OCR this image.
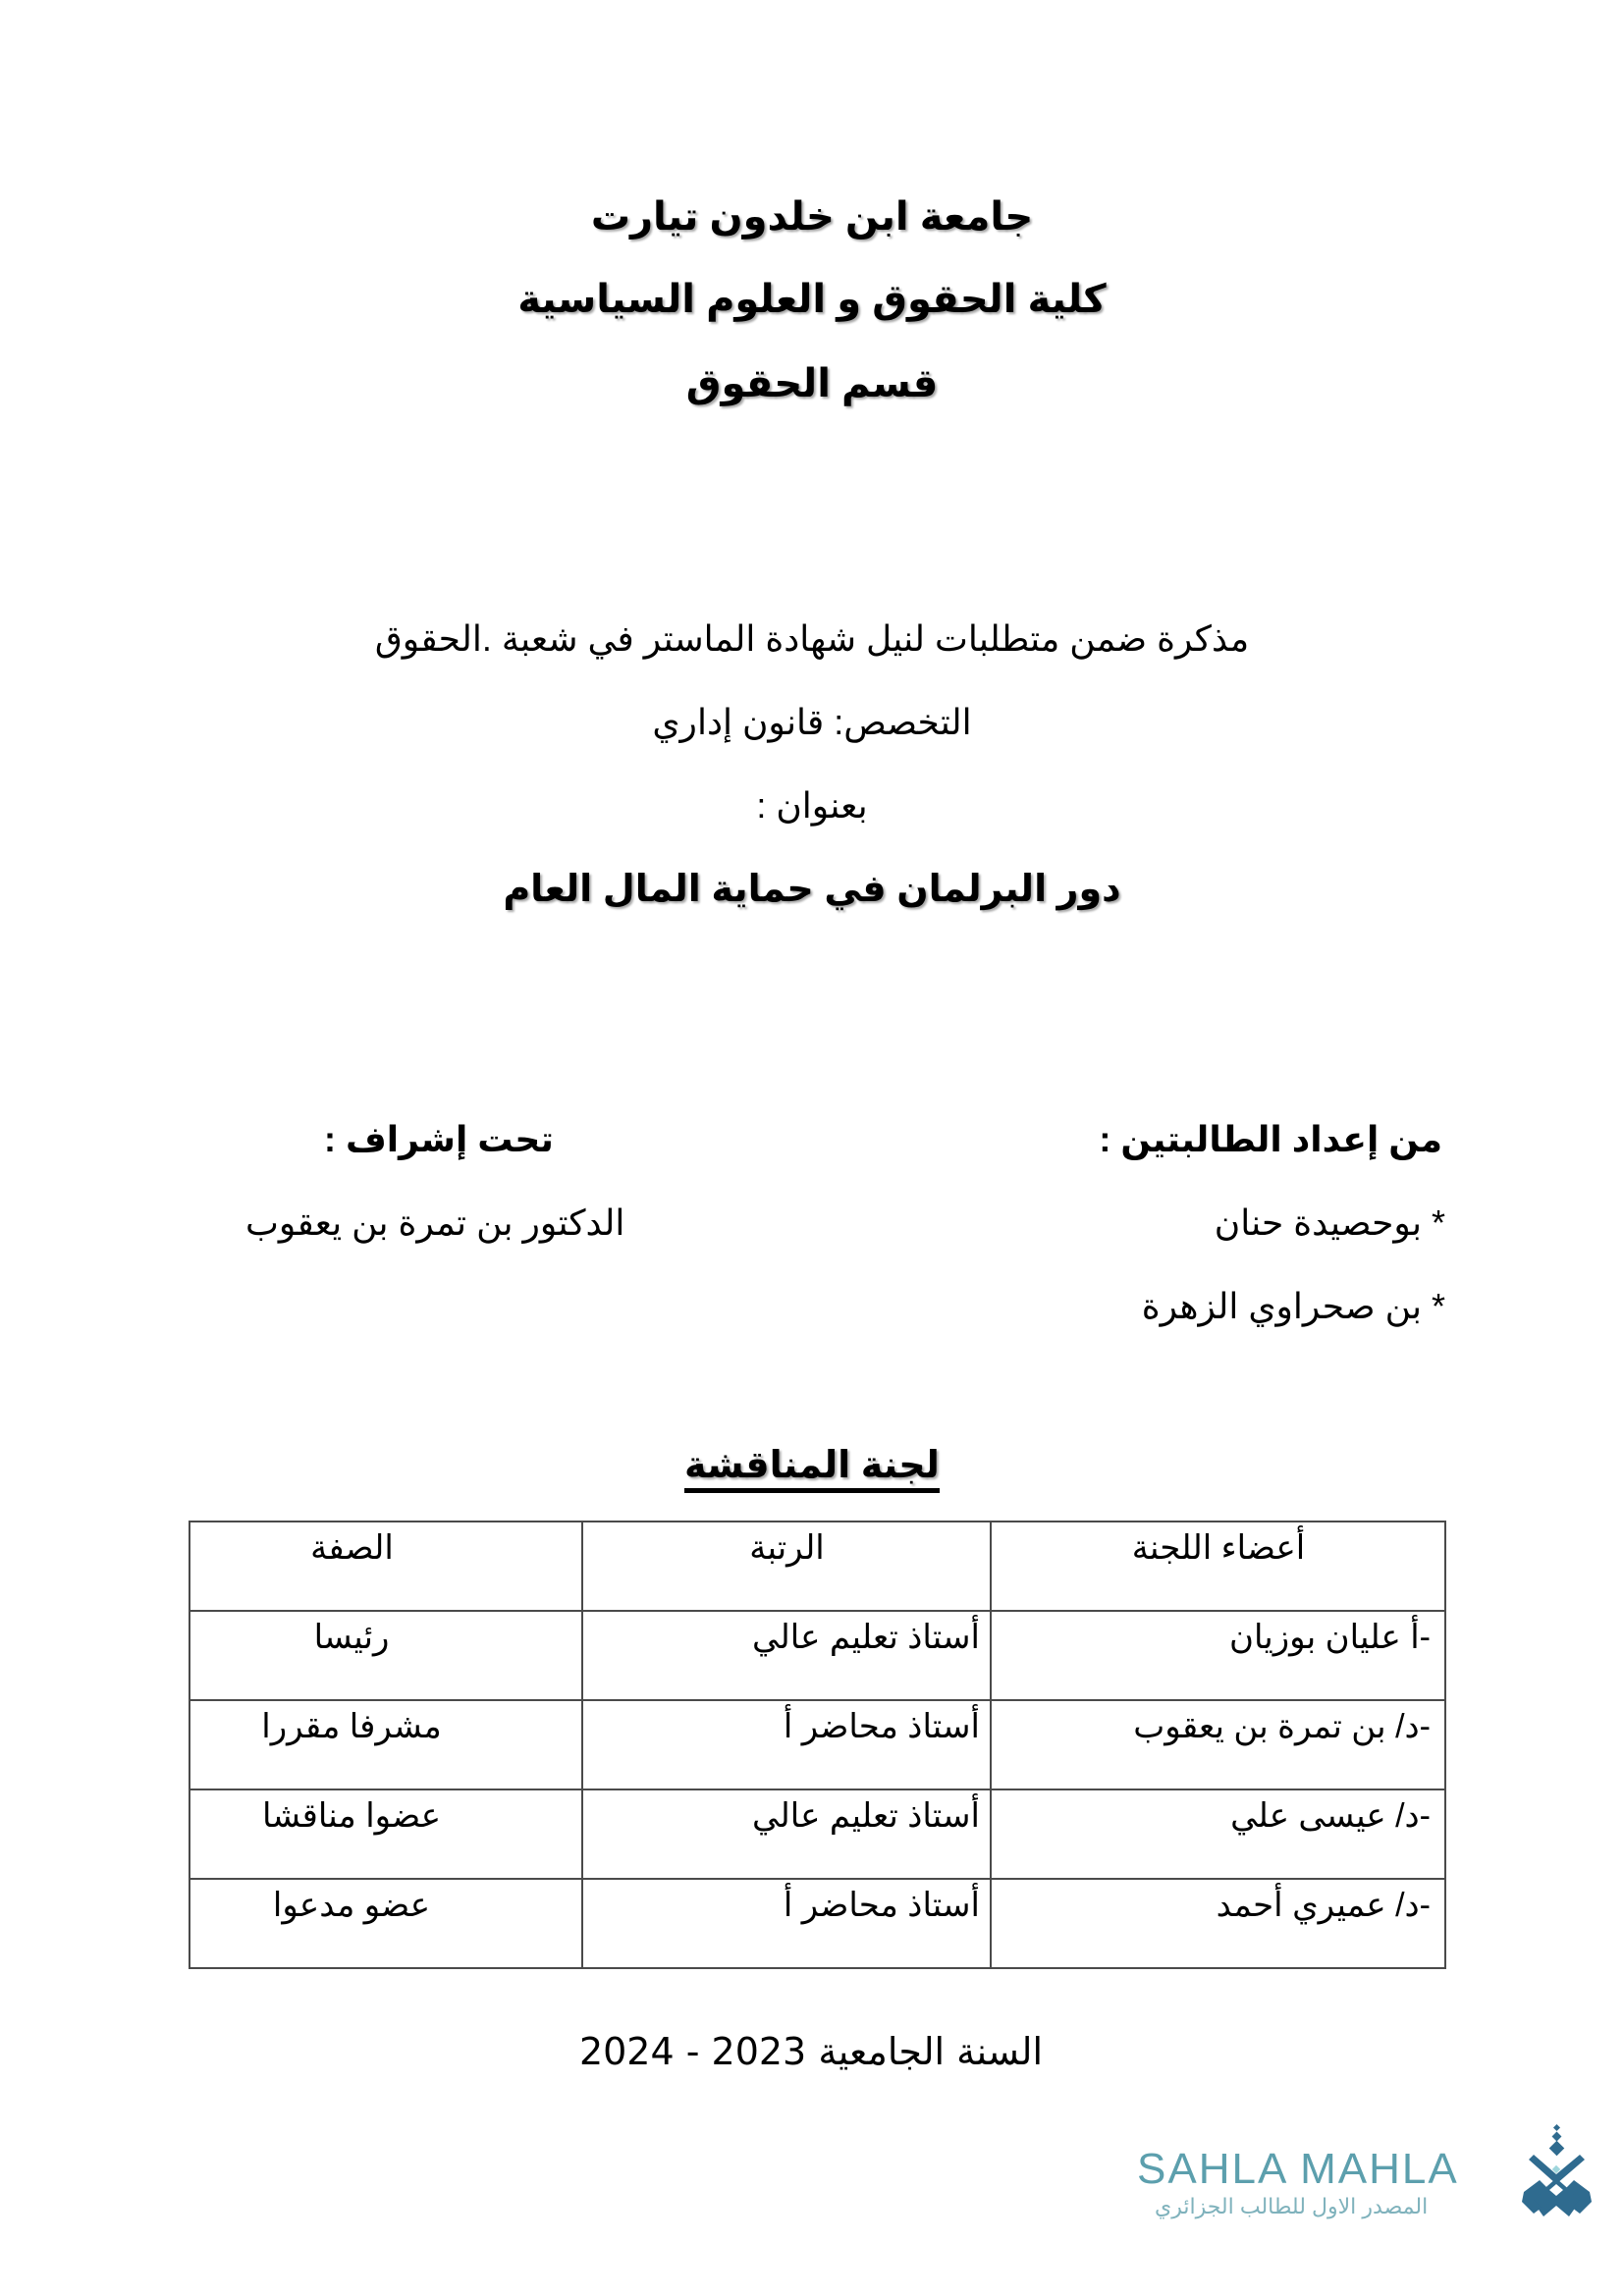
جامعة ابن خلدون تيارت
كلية الحقوق و العلوم السياسية
قسم الحقوق
مذكرة ضمن متطلبات لنيل شهادة الماستر في شعبة .الحقوق
التخصص: قانون إداري
بعنوان :
دور البرلمان في حماية المال العام
من إعداد الطالبتين :
* بوحصيدة حنان
* بن صحراوي الزهرة
تحت إشراف :
الدكتور بن تمرة بن يعقوب
لجنة المناقشة
أعضاء اللجنة	الرتبة	الصفة
-أ عليان بوزيان	أستاذ تعليم عالي	رئيسا
-د/ بن تمرة بن يعقوب	أستاذ محاضر أ	مشرفا مقررا
-د/ عيسى علي	أستاذ تعليم عالي	عضوا مناقشا
-د/ عميري أحمد	أستاذ محاضر أ	عضو مدعوا
السنة الجامعية 2023 - 2024
SAHLA MAHLA
المصدر الاول للطالب الجزائري
